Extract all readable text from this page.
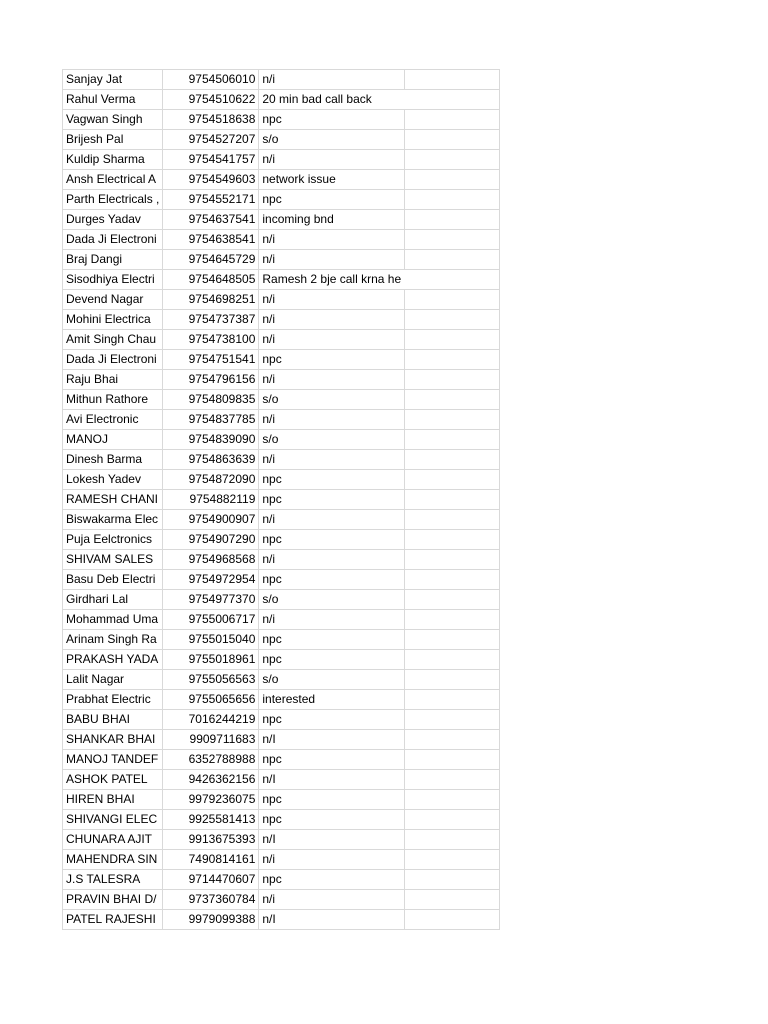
Sanjay Jat	9754506010	n/i	
Rahul Verma	9754510622	20 min bad call back	
Vagwan Singh	9754518638	npc	
Brijesh Pal	9754527207	s/o	
Kuldip Sharma	9754541757	n/i	
Ansh Electrical A	9754549603	network issue	
Parth Electricals ,	9754552171	npc	
Durges Yadav	9754637541	incoming bnd	
Dada Ji Electroni	9754638541	n/i	
Braj Dangi	9754645729	n/i	
Sisodhiya Electri	9754648505	Ramesh 2 bje call krna he	
Devend Nagar	9754698251	n/i	
Mohini Electrica	9754737387	n/i	
Amit Singh Chau	9754738100	n/i	
Dada Ji Electroni	9754751541	npc	
Raju Bhai	9754796156	n/i	
Mithun Rathore	9754809835	s/o	
Avi Electronic	9754837785	n/i	
MANOJ	9754839090	s/o	
Dinesh Barma	9754863639	n/i	
Lokesh Yadev	9754872090	npc	
RAMESH CHANI	9754882119	npc	
Biswakarma Elec	9754900907	n/i	
Puja Eelctronics	9754907290	npc	
SHIVAM SALES	9754968568	n/i	
Basu Deb Electri	9754972954	npc	
Girdhari Lal	9754977370	s/o	
Mohammad Uma	9755006717	n/i	
Arinam Singh Ra	9755015040	npc	
PRAKASH YADA	9755018961	npc	
Lalit Nagar	9755056563	s/o	
Prabhat Electric	9755065656	interested	
BABU BHAI	7016244219	npc	
SHANKAR BHAI	9909711683	n/I	
MANOJ TANDEF	6352788988	npc	
ASHOK PATEL	9426362156	n/I	
HIREN BHAI	9979236075	npc	
SHIVANGI ELEC	9925581413	npc	
CHUNARA AJIT	9913675393	n/I	
MAHENDRA SIN	7490814161	n/i	
J.S TALESRA	9714470607	npc	
PRAVIN BHAI D/	9737360784	n/i	
PATEL RAJESHI	9979099388	n/I	
